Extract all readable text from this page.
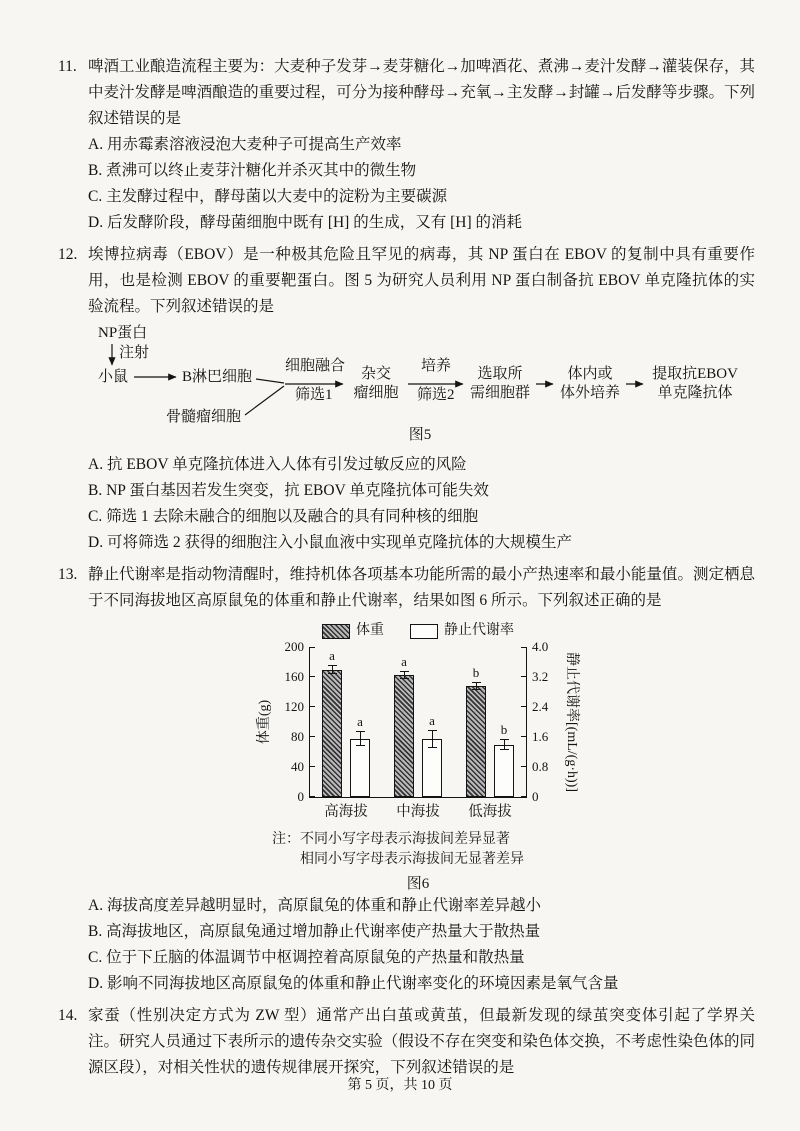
11. 啤酒工业酿造流程主要为：大麦种子发芽→麦芽糖化→加啤酒花、煮沸→麦汁发酵→灌装保存，其中麦汁发酵是啤酒酿造的重要过程，可分为接种酵母→充氧→主发酵→封罐→后发酵等步骤。下列叙述错误的是

A. 用赤霉素溶液浸泡大麦种子可提高生产效率
B. 煮沸可以终止麦芽汁糖化并杀灭其中的微生物
C. 主发酵过程中，酵母菌以大麦中的淀粉为主要碳源
D. 后发酵阶段，酵母菌细胞中既有 [H] 的生成，又有 [H] 的消耗
12. 埃博拉病毒（EBOV）是一种极其危险且罕见的病毒，其 NP 蛋白在 EBOV 的复制中具有重要作用，也是检测 EBOV 的重要靶蛋白。图 5 为研究人员利用 NP 蛋白制备抗 EBOV 单克隆抗体的实验流程。下列叙述错误的是

NP蛋白
注射
小鼠	B淋巴细胞
骨髓瘤细胞
细胞融合
筛选1
杂交
瘤细胞
培养
筛选2
选取所
需细胞群
体内或
体外培养
提取抗EBOV
单克隆抗体
图5
A. 抗 EBOV 单克隆抗体进入人体有引发过敏反应的风险
B. NP 蛋白基因若发生突变，抗 EBOV 单克隆抗体可能失效
C. 筛选 1 去除未融合的细胞以及融合的具有同种核的细胞
D. 可将筛选 2 获得的细胞注入小鼠血液中实现单克隆抗体的大规模生产
13. 静止代谢率是指动物清醒时，维持机体各项基本功能所需的最小产热速率和最小能量值。测定栖息于不同海拔地区高原鼠兔的体重和静止代谢率，结果如图 6 所示。下列叙述正确的是

体重	静止代谢率
体重(g)
0
40
80
120
160
200
a
a
高海拔
a
a
中海拔
b
b
低海拔
0
0.8
1.6
2.4
3.2
4.0
静止代谢率[(mL/(g·h))]
注：不同小写字母表示海拔间差异显著
相同小写字母表示海拔间无显著差异
图6
A. 海拔高度差异越明显时，高原鼠兔的体重和静止代谢率差异越小
B. 高海拔地区，高原鼠兔通过增加静止代谢率使产热量大于散热量
C. 位于下丘脑的体温调节中枢调控着高原鼠兔的产热量和散热量
D. 影响不同海拔地区高原鼠兔的体重和静止代谢率变化的环境因素是氧气含量
14. 家蚕（性别决定方式为 ZW 型）通常产出白茧或黄茧，但最新发现的绿茧突变体引起了学界关注。研究人员通过下表所示的遗传杂交实验（假设不存在突变和染色体交换，不考虑性染色体的同源区段），对相关性状的遗传规律展开探究，下列叙述错误的是

第 5 页，共 10 页
